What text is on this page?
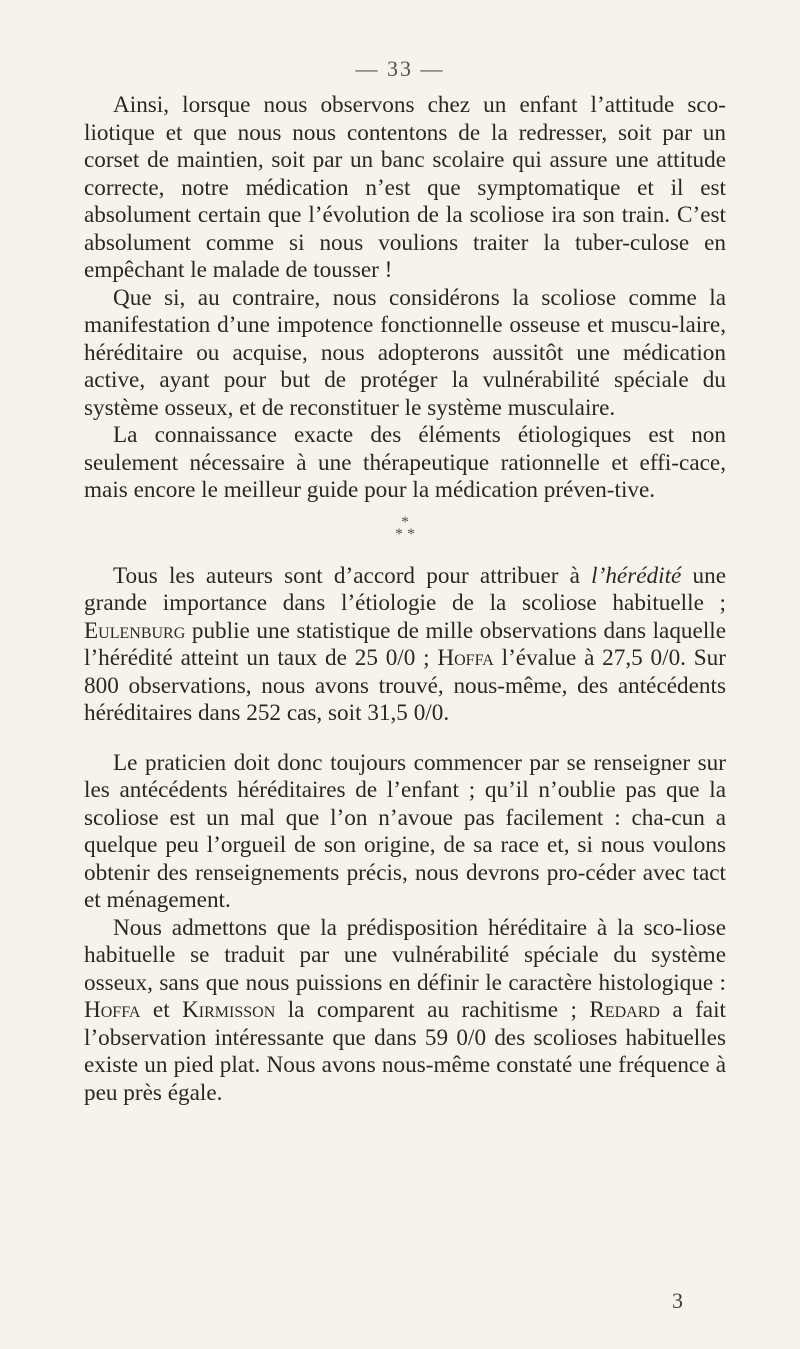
— 33 —

Ainsi, lorsque nous observons chez un enfant l’attitude sco-liotique et que nous nous contentons de la redresser, soit par un corset de maintien, soit par un banc scolaire qui assure une attitude correcte, notre médication n’est que symptomatique et il est absolument certain que l’évolution de la scoliose ira son train. C’est absolument comme si nous voulions traiter la tuber-culose en empêchant le malade de tousser !

Que si, au contraire, nous considérons la scoliose comme la manifestation d’une impotence fonctionnelle osseuse et muscu-laire, héréditaire ou acquise, nous adopterons aussitôt une médication active, ayant pour but de protéger la vulnérabilité spéciale du système osseux, et de reconstituer le système musculaire.

La connaissance exacte des éléments étiologiques est non seulement nécessaire à une thérapeutique rationnelle et effi-cace, mais encore le meilleur guide pour la médication préven-tive.

*
* *

Tous les auteurs sont d’accord pour attribuer à l’hérédité une grande importance dans l’étiologie de la scoliose habituelle ; Eulenburg publie une statistique de mille observations dans laquelle l’hérédité atteint un taux de 25 0/0 ; Hoffa l’évalue à 27,5 0/0. Sur 800 observations, nous avons trouvé, nous-même, des antécédents héréditaires dans 252 cas, soit 31,5 0/0.

Le praticien doit donc toujours commencer par se renseigner sur les antécédents héréditaires de l’enfant ; qu’il n’oublie pas que la scoliose est un mal que l’on n’avoue pas facilement : cha-cun a quelque peu l’orgueil de son origine, de sa race et, si nous voulons obtenir des renseignements précis, nous devrons pro-céder avec tact et ménagement.

Nous admettons que la prédisposition héréditaire à la sco-liose habituelle se traduit par une vulnérabilité spéciale du système osseux, sans que nous puissions en définir le caractère histologique : Hoffa et Kirmisson la comparent au rachitisme ; Redard a fait l’observation intéressante que dans 59 0/0 des scolioses habituelles existe un pied plat. Nous avons nous-même constaté une fréquence à peu près égale.

3
